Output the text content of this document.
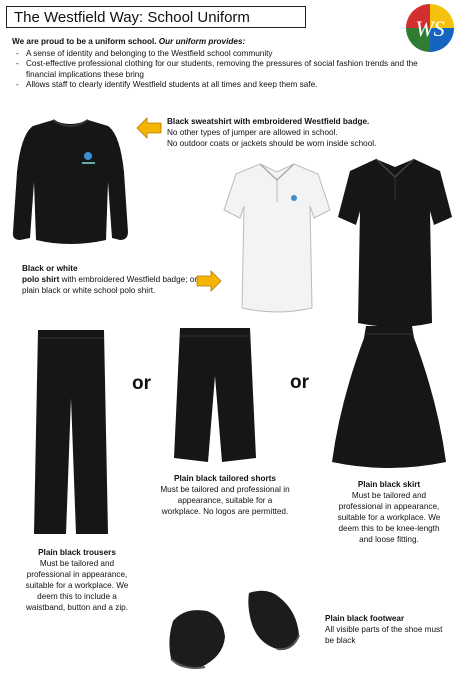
The Westfield Way: School Uniform	WS
We are proud to be a uniform school. Our uniform provides:
- A sense of identity and belonging to the Westfield school community
- Cost-effective professional clothing for our students, removing the pressures of social fashion trends and the financial implications these bring
- Allows staff to clearly identify Westfield students at all times and keep them safe.
Black sweatshirt with embroidered Westfield badge.
No other types of jumper are allowed in school.
No outdoor coats or jackets should be worn inside school.
Black or white
polo shirt with embroidered Westfield badge; or plain black or white school polo shirt.
or	or
Plain black tailored shorts
Must be tailored and professional in appearance, suitable for a workplace. No logos are permitted.
Plain black skirt
Must be tailored and professional in appearance, suitable for a workplace. We deem this to be knee-length and loose fitting.
Plain black trousers
Must be tailored and professional in appearance, suitable for a workplace. We deem this to include a waistband, button and a zip.
Plain black footwear
All visible parts of the shoe must be black
